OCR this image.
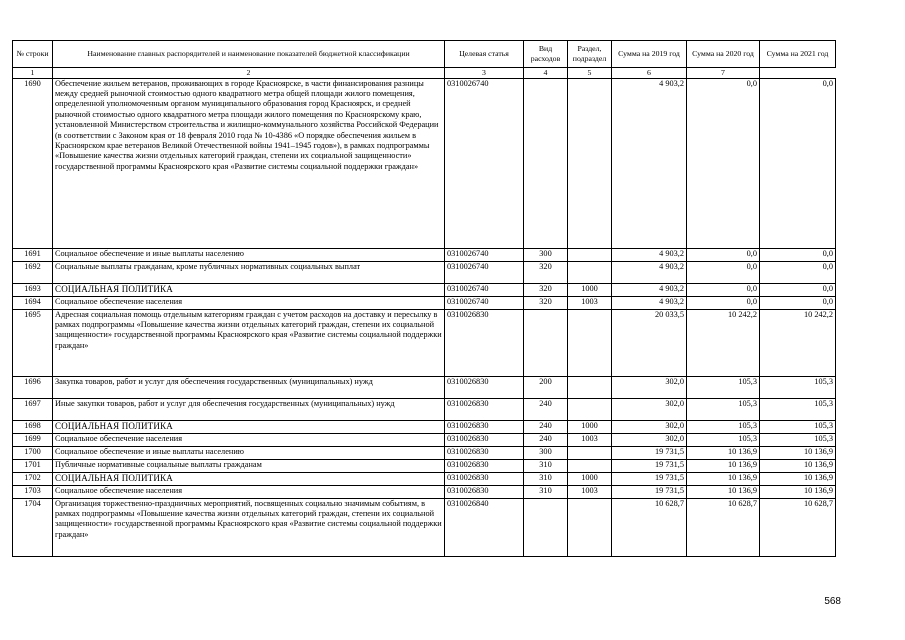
№ строки	Наименование главных распорядителей и наименование показателей бюджетной классификации	Целевая статья	Вид расходов	Раздел, подраздел	Сумма на 2019 год	Сумма на 2020 год	Сумма на 2021 год
1	2	3	4	5	6	7	
1690	Обеспечение жильем ветеранов, проживающих в городе Красноярске, в части финансирования разницы между средней рыночной стоимостью одного квадратного метра общей площади жилого помещения, определенной уполномоченным органом муниципального образования город Красноярск, и средней рыночной стоимостью одного квадратного метра площади жилого помещения по Красноярскому краю, установленной Министерством строительства и жилищно-коммунального хозяйства Российской Федерации (в соответствии с Законом края от 18 февраля 2010 года № 10-4386 «О порядке обеспечения жильем в Красноярском крае ветеранов Великой Отечественной войны 1941–1945 годов»), в рамках подпрограммы «Повышение качества жизни отдельных категорий граждан, степени их социальной защищенности» государственной программы Красноярского края «Развитие системы социальной поддержки граждан»	0310026740			4 903,2	0,0	0,0
1691	Социальное обеспечение и иные выплаты населению	0310026740	300		4 903,2	0,0	0,0
1692	Социальные выплаты гражданам, кроме публичных нормативных социальных выплат	0310026740	320		4 903,2	0,0	0,0
1693	СОЦИАЛЬНАЯ ПОЛИТИКА	0310026740	320	1000	4 903,2	0,0	0,0
1694	Социальное обеспечение населения	0310026740	320	1003	4 903,2	0,0	0,0
1695	Адресная социальная помощь отдельным категориям граждан с учетом расходов на доставку и пересылку в рамках подпрограммы «Повышение качества жизни отдельных категорий граждан, степени их социальной защищенности» государственной программы Красноярского края «Развитие системы социальной поддержки граждан»	0310026830			20 033,5	10 242,2	10 242,2
1696	Закупка товаров, работ и услуг для обеспечения государственных (муниципальных) нужд	0310026830	200		302,0	105,3	105,3
1697	Иные закупки товаров, работ и услуг для обеспечения государственных (муниципальных) нужд	0310026830	240		302,0	105,3	105,3
1698	СОЦИАЛЬНАЯ ПОЛИТИКА	0310026830	240	1000	302,0	105,3	105,3
1699	Социальное обеспечение населения	0310026830	240	1003	302,0	105,3	105,3
1700	Социальное обеспечение и иные выплаты населению	0310026830	300		19 731,5	10 136,9	10 136,9
1701	Публичные нормативные социальные выплаты гражданам	0310026830	310		19 731,5	10 136,9	10 136,9
1702	СОЦИАЛЬНАЯ ПОЛИТИКА	0310026830	310	1000	19 731,5	10 136,9	10 136,9
1703	Социальное обеспечение населения	0310026830	310	1003	19 731,5	10 136,9	10 136,9
1704	Организация торжественно-праздничных мероприятий, посвященных социально значимым событиям, в рамках подпрограммы «Повышение качества жизни отдельных категорий граждан, степени их социальной защищенности» государственной программы Красноярского края «Развитие системы социальной поддержки граждан»	0310026840			10 628,7	10 628,7	10 628,7
568
